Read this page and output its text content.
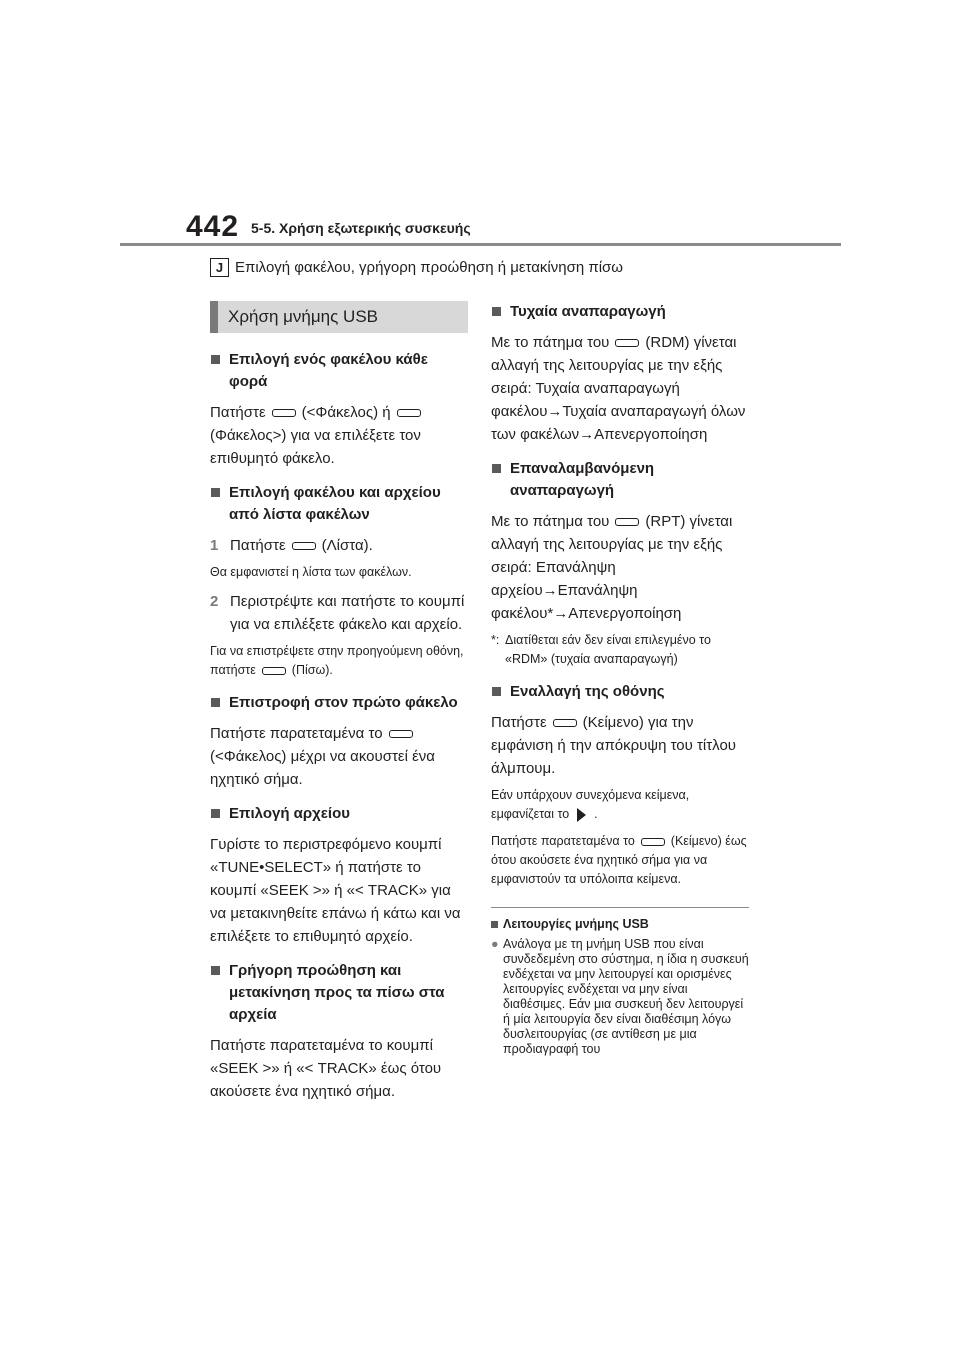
442 5-5. Χρήση εξωτερικής συσκευής
J Επιλογή φακέλου, γρήγορη προώθηση ή μετακίνηση πίσω
Χρήση μνήμης USB
Επιλογή ενός φακέλου κάθε φορά

Πατήστε (<Φάκελος) ή(Φάκελος>) για να επιλέξετε τον επιθυμητό φάκελο.

Επιλογή φακέλου και αρχείου από λίστα φακέλων
1 Πατήστε (Λίστα).

Θα εμφανιστεί η λίστα των φακέλων.

2 Περιστρέψτε και πατήστε το κουμπί για να επιλέξετε φάκελο και αρχείο.

Για να επιστρέψετε στην προηγούμενη οθόνη, πατήστε	(Πίσω).

Επιστροφή στον πρώτο φάκελο

Πατήστε παρατεταμένα το(<Φάκελος) μέχρι να ακουστεί ένα ηχητικό σήμα.

Επιλογή αρχείου

Γυρίστε το περιστρεφόμενο κουμπί «TUNE•SELECT» ή πατήστε το κουμπί «SEEK >» ή «< TRACK» για να μετακινηθείτε επάνω ή κάτω και να επιλέξετε το επιθυμητό αρχείο.

Γρήγορη προώθηση και μετακίνηση προς τα πίσω στα αρχεία

Πατήστε παρατεταμένα το κουμπί «SEEK >» ή «< TRACK» έως ότου ακούσετε ένα ηχητικό σήμα.

Τυχαία αναπαραγωγή

Με το πάτημα του (RDM) γίνεται αλλαγή της λειτουργίας με την εξής σειρά: Τυχαία αναπαραγωγή φακέλου→Τυχαία αναπαραγωγή όλων των φακέλων→Απενεργοποίηση

Επαναλαμβανόμενη αναπαραγωγή

Με το πάτημα του (RPT) γίνεται αλλαγή της λειτουργίας με την εξής σειρά: Επανάληψη αρχείου→Επανάληψη φακέλου*→Απενεργοποίηση

*: Διατίθεται εάν δεν είναι επιλεγμένο το «RDM» (τυχαία αναπαραγωγή)
Εναλλαγή της οθόνης

Πατήστε (Κείμενο) για την εμφάνιση ή την απόκρυψη του τίτλου άλμπουμ.

Εάν υπάρχουν συνεχόμενα κείμενα, εμφανίζεται το .

Πατήστε παρατεταμένα το	(Κείμενο) έως ότου ακούσετε ένα ηχητικό σήμα για να εμφανιστούν τα υπόλοιπα κείμενα.

Λειτουργίες μνήμης USB
● Ανάλογα με τη μνήμη USB που είναι συνδεδεμένη στο σύστημα, η ίδια η συσκευή ενδέχεται να μην λειτουργεί και ορισμένες λειτουργίες ενδέχεται να μην είναι διαθέσιμες. Εάν μια συσκευή δεν λειτουργεί ή μία λειτουργία δεν είναι διαθέσιμη λόγω δυσλειτουργίας (σε αντίθεση με μια προδιαγραφή του
